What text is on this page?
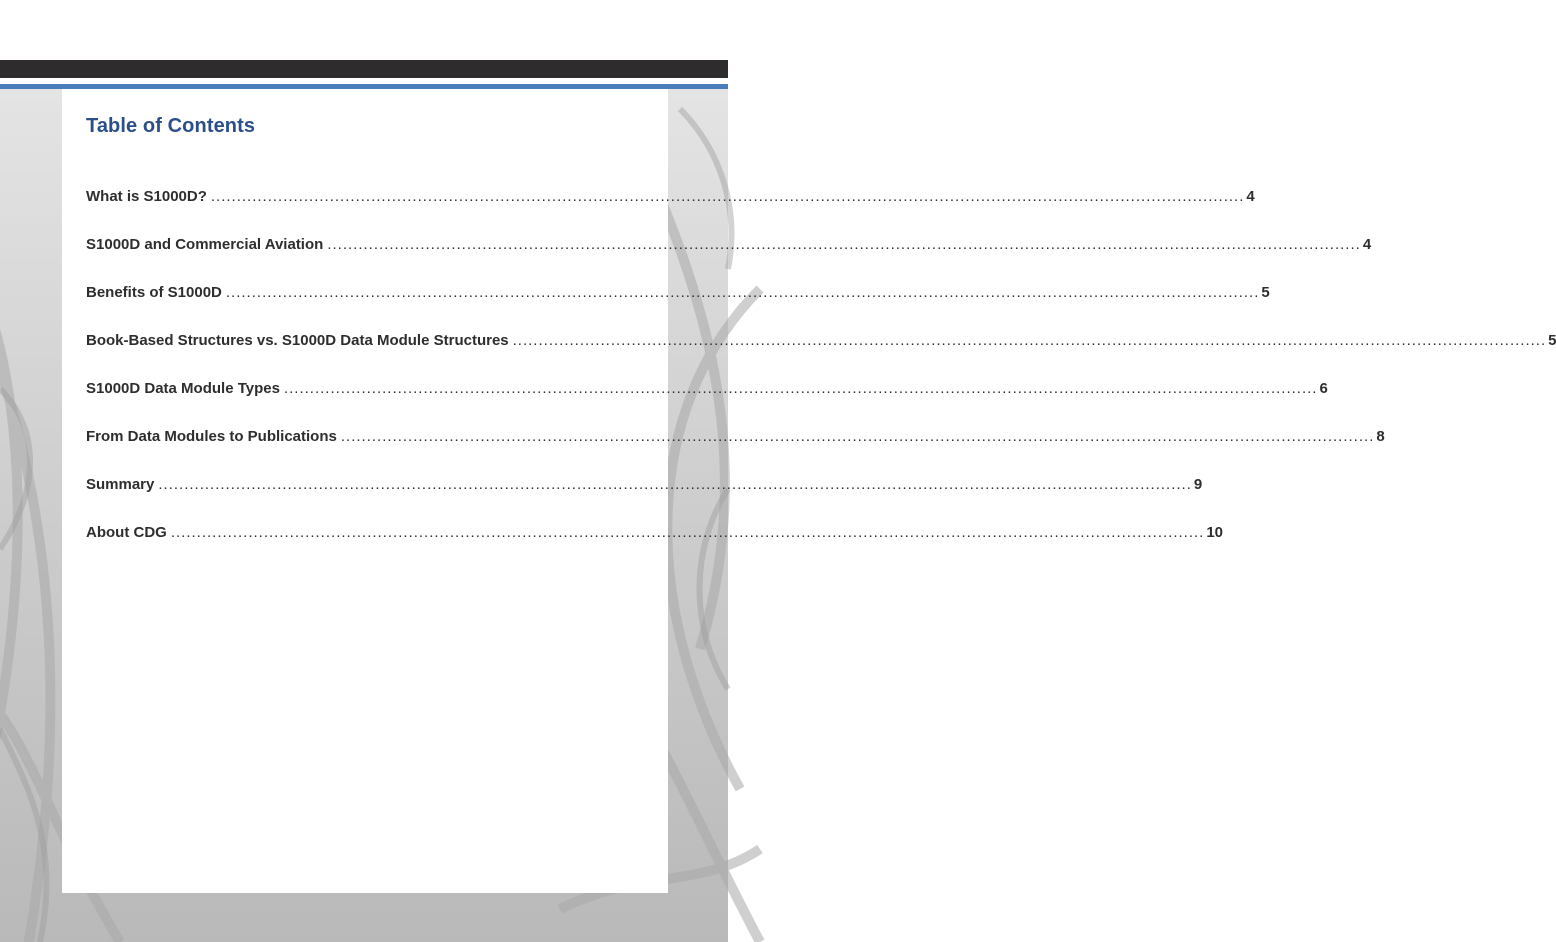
Table of Contents
What is S1000D? ........................................................................................................................................................................................................ 4
S1000D and Commercial Aviation ........................................................................................................................................................................................................ 4
Benefits of S1000D ........................................................................................................................................................................................................ 5
Book-Based Structures vs. S1000D Data Module Structures ........................................................................................................................................................................................................ 5
S1000D Data Module Types ........................................................................................................................................................................................................ 6
From Data Modules to Publications ........................................................................................................................................................................................................ 8
Summary ........................................................................................................................................................................................................ 9
About CDG ........................................................................................................................................................................................................ 10
